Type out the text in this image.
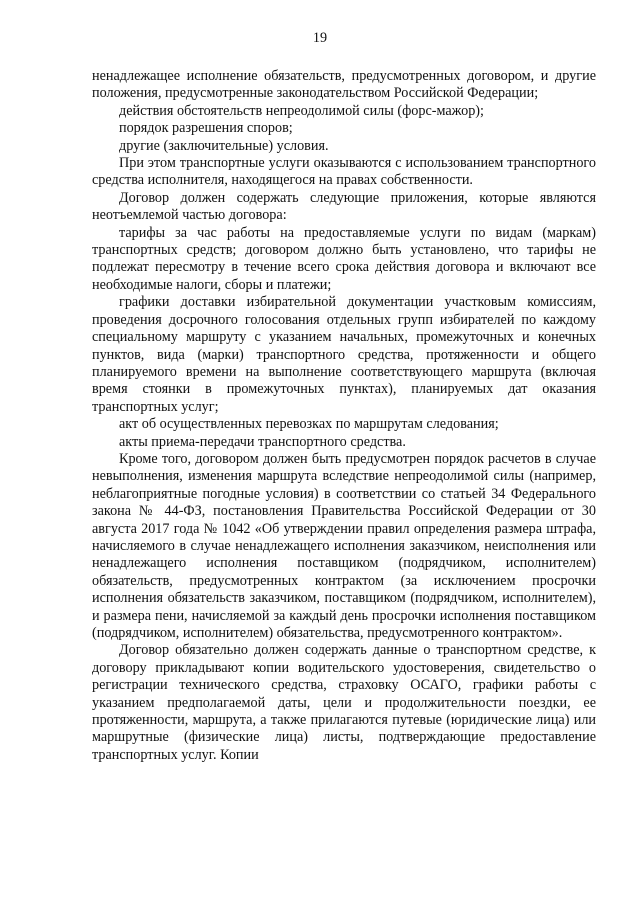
19

ненадлежащее исполнение обязательств, предусмотренных договором, и другие положения, предусмотренные законодательством Российской Федерации;

действия обстоятельств непреодолимой силы (форс-мажор);

порядок разрешения споров;

другие (заключительные) условия.

При этом транспортные услуги оказываются с использованием транспортного средства исполнителя, находящегося на правах собственности.

Договор должен содержать следующие приложения, которые являются неотъемлемой частью договора:

тарифы за час работы на предоставляемые услуги по видам (маркам) транспортных средств; договором должно быть установлено, что тарифы не подлежат пересмотру в течение всего срока действия договора и включают все необходимые налоги, сборы и платежи;

графики доставки избирательной документации участковым комиссиям, проведения досрочного голосования отдельных групп избирателей по каждому специальному маршруту с указанием начальных, промежуточных и конечных пунктов, вида (марки) транспортного средства, протяженности и общего планируемого времени на выполнение соответствующего маршрута (включая время стоянки в промежуточных пунктах), планируемых дат оказания транспортных услуг;

акт об осуществленных перевозках по маршрутам следования;

акты приема-передачи транспортного средства.

Кроме того, договором должен быть предусмотрен порядок расчетов в случае невыполнения, изменения маршрута вследствие непреодолимой силы (например, неблагоприятные погодные условия) в соответствии со статьей 34 Федерального закона № 44-ФЗ, постановления Правительства Российской Федерации от 30 августа 2017 года № 1042 «Об утверждении правил определения размера штрафа, начисляемого в случае ненадлежащего исполнения заказчиком, неисполнения или ненадлежащего исполнения поставщиком (подрядчиком, исполнителем) обязательств, предусмотренных контрактом (за исключением просрочки исполнения обязательств заказчиком, поставщиком (подрядчиком, исполнителем), и размера пени, начисляемой за каждый день просрочки исполнения поставщиком (подрядчиком, исполнителем) обязательства, предусмотренного контрактом».

Договор обязательно должен содержать данные о транспортном средстве, к договору прикладывают копии водительского удостоверения, свидетельство о регистрации технического средства, страховку ОСАГО, графики работы с указанием предполагаемой даты, цели и продолжительности поездки, ее протяженности, маршрута, а также прилагаются путевые (юридические лица) или маршрутные (физические лица) листы, подтверждающие предоставление транспортных услуг. Копии
